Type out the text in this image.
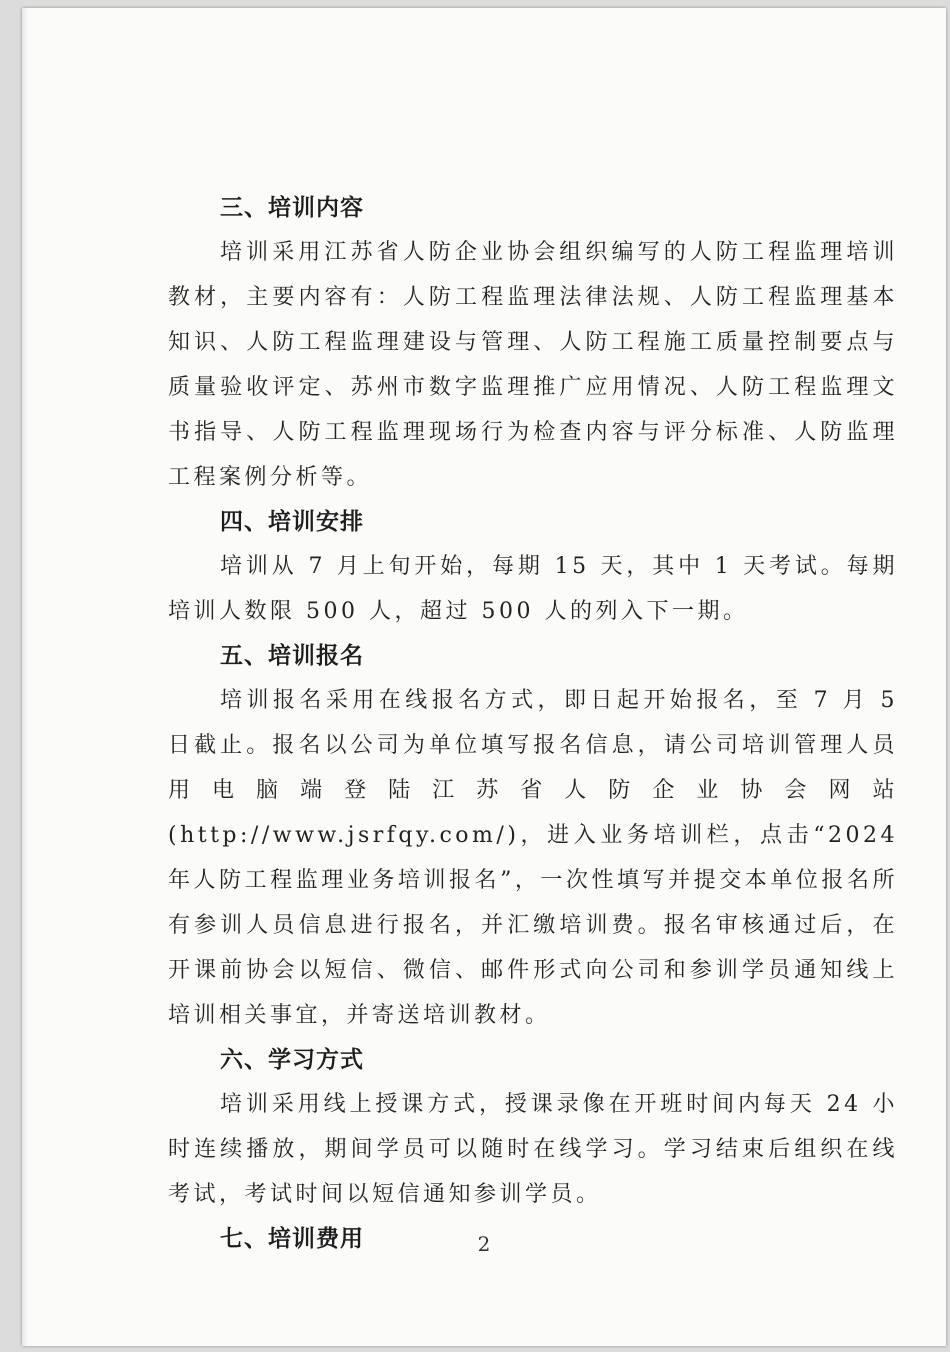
三、培训内容

培训采用江苏省人防企业协会组织编写的人防工程监理培训教材，主要内容有：人防工程监理法律法规、人防工程监理基本知识、人防工程监理建设与管理、人防工程施工质量控制要点与质量验收评定、苏州市数字监理推广应用情况、人防工程监理文书指导、人防工程监理现场行为检查内容与评分标准、人防监理工程案例分析等。

四、培训安排

培训从 7 月上旬开始，每期 15 天，其中 1 天考试。每期培训人数限 500 人，超过 500 人的列入下一期。

五、培训报名

培训报名采用在线报名方式，即日起开始报名，至 7 月 5 日截止。报名以公司为单位填写报名信息，请公司培训管理人员用电脑端登陆江苏省人防企业协会网站(http://www.jsrfqy.com/)，进入业务培训栏，点击“2024 年人防工程监理业务培训报名”，一次性填写并提交本单位报名所有参训人员信息进行报名，并汇缴培训费。报名审核通过后，在开课前协会以短信、微信、邮件形式向公司和参训学员通知线上培训相关事宜，并寄送培训教材。

六、学习方式

培训采用线上授课方式，授课录像在开班时间内每天 24 小时连续播放，期间学员可以随时在线学习。学习结束后组织在线考试，考试时间以短信通知参训学员。

七、培训费用	2
